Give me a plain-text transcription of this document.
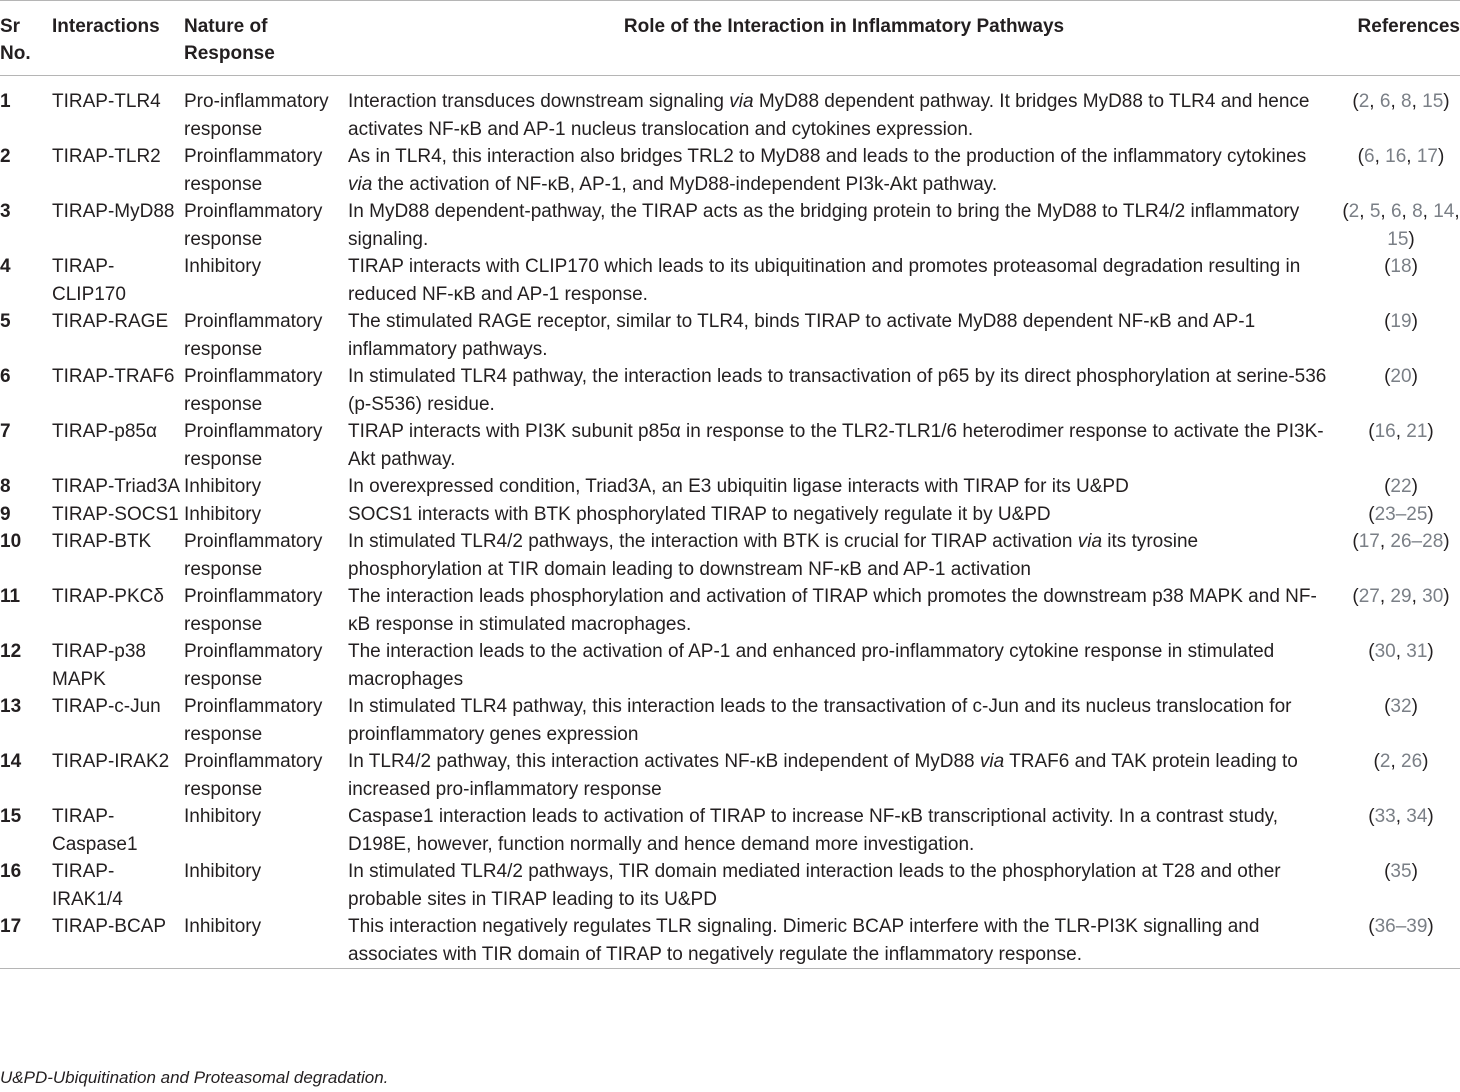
Sr No.	Interactions	Nature of Response	Role of the Interaction in Inflammatory Pathways	References
1	TIRAP-TLR4	Pro-inflammatory response	Interaction transduces downstream signaling via MyD88 dependent pathway. It bridges MyD88 to TLR4 and hence activates NF-κB and AP-1 nucleus translocation and cytokines expression.	(2, 6, 8, 15)
2	TIRAP-TLR2	Proinflammatory response	As in TLR4, this interaction also bridges TRL2 to MyD88 and leads to the production of the inflammatory cytokines via the activation of NF-κB, AP-1, and MyD88-independent PI3k-Akt pathway.	(6, 16, 17)
3	TIRAP-MyD88	Proinflammatory response	In MyD88 dependent-pathway, the TIRAP acts as the bridging protein to bring the MyD88 to TLR4/2 inflammatory signaling.	(2, 5, 6, 8, 14, 15)
4	TIRAP-CLIP170	Inhibitory	TIRAP interacts with CLIP170 which leads to its ubiquitination and promotes proteasomal degradation resulting in reduced NF-κB and AP-1 response.	(18)
5	TIRAP-RAGE	Proinflammatory response	The stimulated RAGE receptor, similar to TLR4, binds TIRAP to activate MyD88 dependent NF-κB and AP-1 inflammatory pathways.	(19)
6	TIRAP-TRAF6	Proinflammatory response	In stimulated TLR4 pathway, the interaction leads to transactivation of p65 by its direct phosphorylation at serine-536 (p-S536) residue.	(20)
7	TIRAP-p85α	Proinflammatory response	TIRAP interacts with PI3K subunit p85α in response to the TLR2-TLR1/6 heterodimer response to activate the PI3K-Akt pathway.	(16, 21)
8	TIRAP-Triad3A	Inhibitory	In overexpressed condition, Triad3A, an E3 ubiquitin ligase interacts with TIRAP for its U&PD	(22)
9	TIRAP-SOCS1	Inhibitory	SOCS1 interacts with BTK phosphorylated TIRAP to negatively regulate it by U&PD	(23–25)
10	TIRAP-BTK	Proinflammatory response	In stimulated TLR4/2 pathways, the interaction with BTK is crucial for TIRAP activation via its tyrosine phosphorylation at TIR domain leading to downstream NF-κB and AP-1 activation	(17, 26–28)
11	TIRAP-PKCδ	Proinflammatory response	The interaction leads phosphorylation and activation of TIRAP which promotes the downstream p38 MAPK and NF-κB response in stimulated macrophages.	(27, 29, 30)
12	TIRAP-p38 MAPK	Proinflammatory response	The interaction leads to the activation of AP-1 and enhanced pro-inflammatory cytokine response in stimulated macrophages	(30, 31)
13	TIRAP-c-Jun	Proinflammatory response	In stimulated TLR4 pathway, this interaction leads to the transactivation of c-Jun and its nucleus translocation for proinflammatory genes expression	(32)
14	TIRAP-IRAK2	Proinflammatory response	In TLR4/2 pathway, this interaction activates NF-κB independent of MyD88 via TRAF6 and TAK protein leading to increased pro-inflammatory response	(2, 26)
15	TIRAP-Caspase1	Inhibitory	Caspase1 interaction leads to activation of TIRAP to increase NF-κB transcriptional activity. In a contrast study, D198E, however, function normally and hence demand more investigation.	(33, 34)
16	TIRAP-IRAK1/4	Inhibitory	In stimulated TLR4/2 pathways, TIR domain mediated interaction leads to the phosphorylation at T28 and other probable sites in TIRAP leading to its U&PD	(35)
17	TIRAP-BCAP	Inhibitory	This interaction negatively regulates TLR signaling. Dimeric BCAP interfere with the TLR-PI3K signalling and associates with TIR domain of TIRAP to negatively regulate the inflammatory response.	(36–39)
U&PD-Ubiquitination and Proteasomal degradation.
